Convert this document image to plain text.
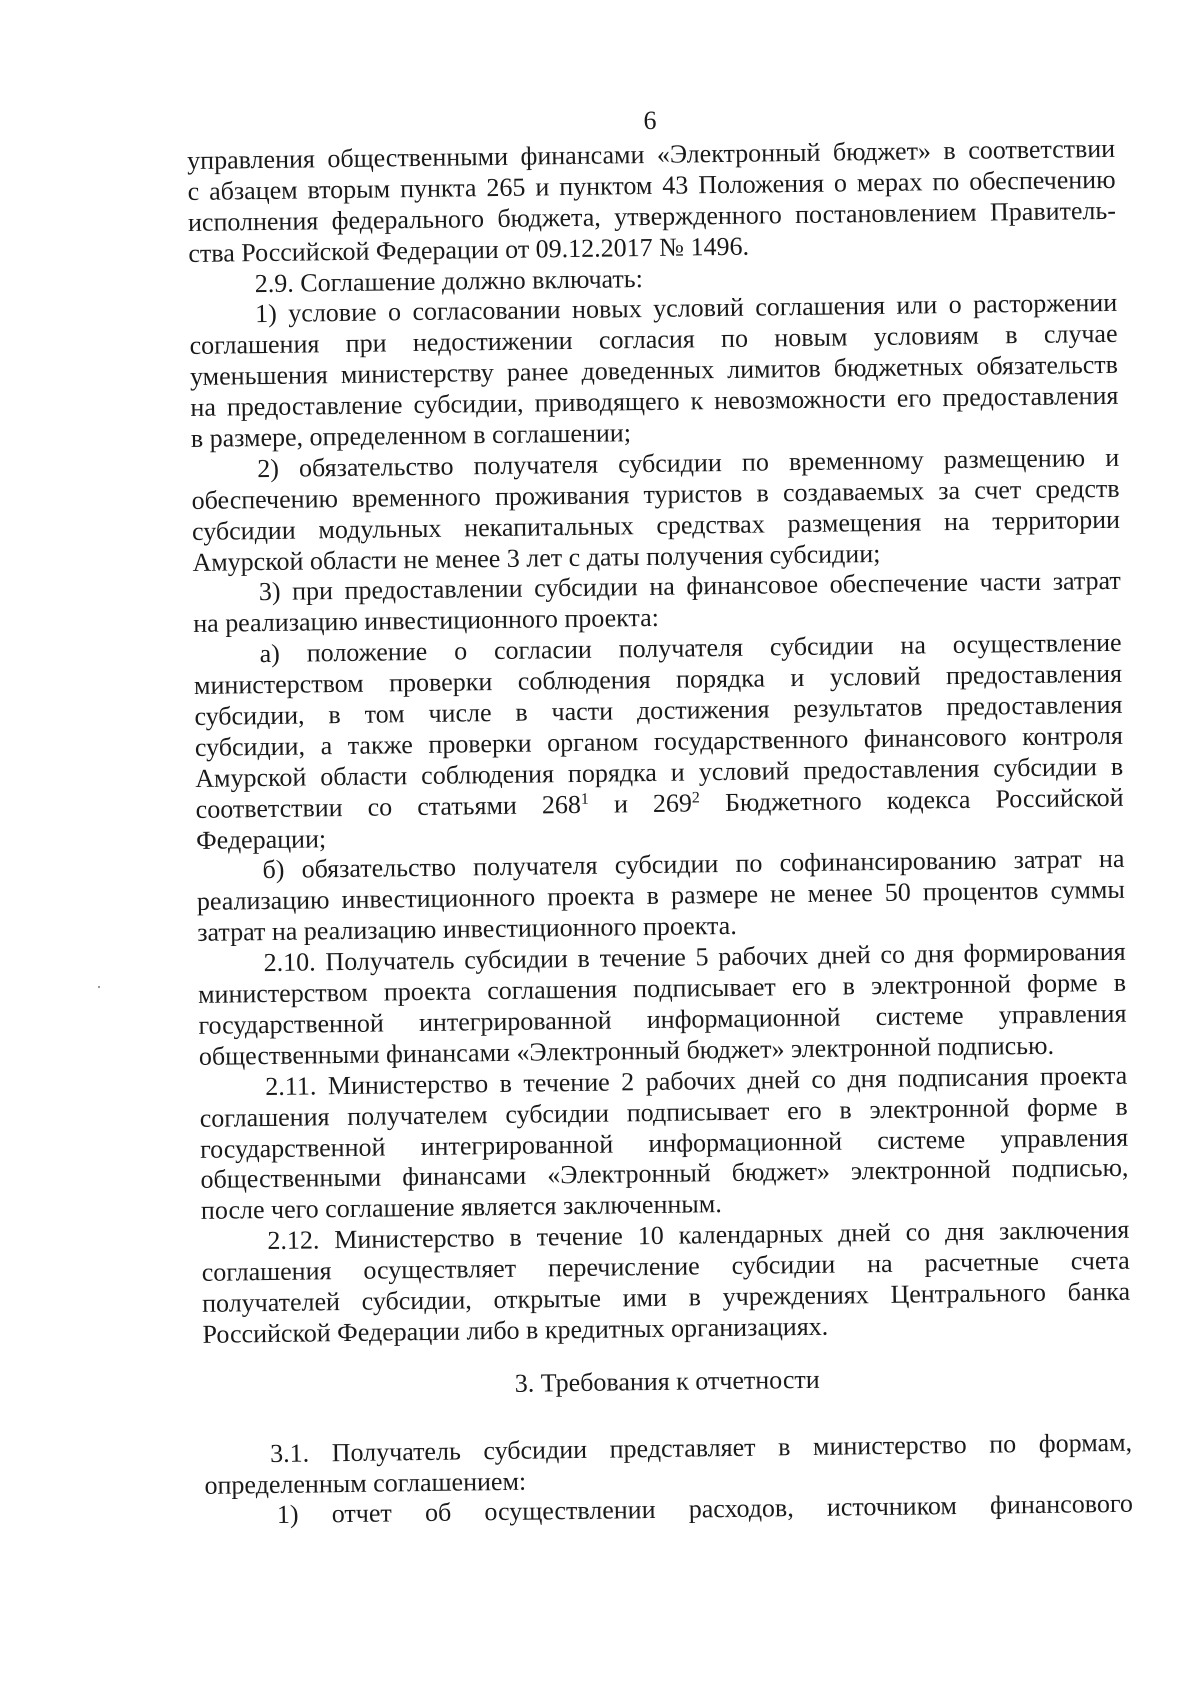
6
управления общественными финансами «Электронный бюджет» в соответствии
с абзацем вторым пункта 265 и пунктом 43 Положения о мерах по обеспечению
исполнения федерального бюджета, утвержденного постановлением Правитель-
ства Российской Федерации от 09.12.2017 № 1496.
2.9. Соглашение должно включать:
1) условие о согласовании новых условий соглашения или о расторжении
соглашения при недостижении согласия по новым условиям в случае
уменьшения министерству ранее доведенных лимитов бюджетных обязательств
на предоставление субсидии, приводящего к невозможности его предоставления
в размере, определенном в соглашении;
2) обязательство получателя субсидии по временному размещению и
обеспечению временного проживания туристов в создаваемых за счет средств
субсидии модульных некапитальных средствах размещения на территории
Амурской области не менее 3 лет с даты получения субсидии;
3) при предоставлении субсидии на финансовое обеспечение части затрат
на реализацию инвестиционного проекта:
а) положение о согласии получателя субсидии на осуществление
министерством проверки соблюдения порядка и условий предоставления
субсидии, в том числе в части достижения результатов предоставления
субсидии, а также проверки органом государственного финансового контроля
Амурской области соблюдения порядка и условий предоставления субсидии в
соответствии со статьями $268^1$ и $269^2$ Бюджетного кодекса Российской
Федерации;
б) обязательство получателя субсидии по софинансированию затрат на
реализацию инвестиционного проекта в размере не менее 50 процентов суммы
затрат на реализацию инвестиционного проекта.
2.10. Получатель субсидии в течение 5 рабочих дней со дня формирования
министерством проекта соглашения подписывает его в электронной форме в
государственной интегрированной информационной системе управления
общественными финансами «Электронный бюджет» электронной подписью.
2.11. Министерство в течение 2 рабочих дней со дня подписания проекта
соглашения получателем субсидии подписывает его в электронной форме в
государственной интегрированной информационной системе управления
общественными финансами «Электронный бюджет» электронной подписью,
после чего соглашение является заключенным.
2.12. Министерство в течение 10 календарных дней со дня заключения
соглашения осуществляет перечисление субсидии на расчетные счета
получателей субсидии, открытые ими в учреждениях Центрального банка
Российской Федерации либо в кредитных организациях.
3. Требования к отчетности
3.1. Получатель субсидии представляет в министерство по формам,
определенным соглашением:
1) отчет об осуществлении расходов, источником финансового
